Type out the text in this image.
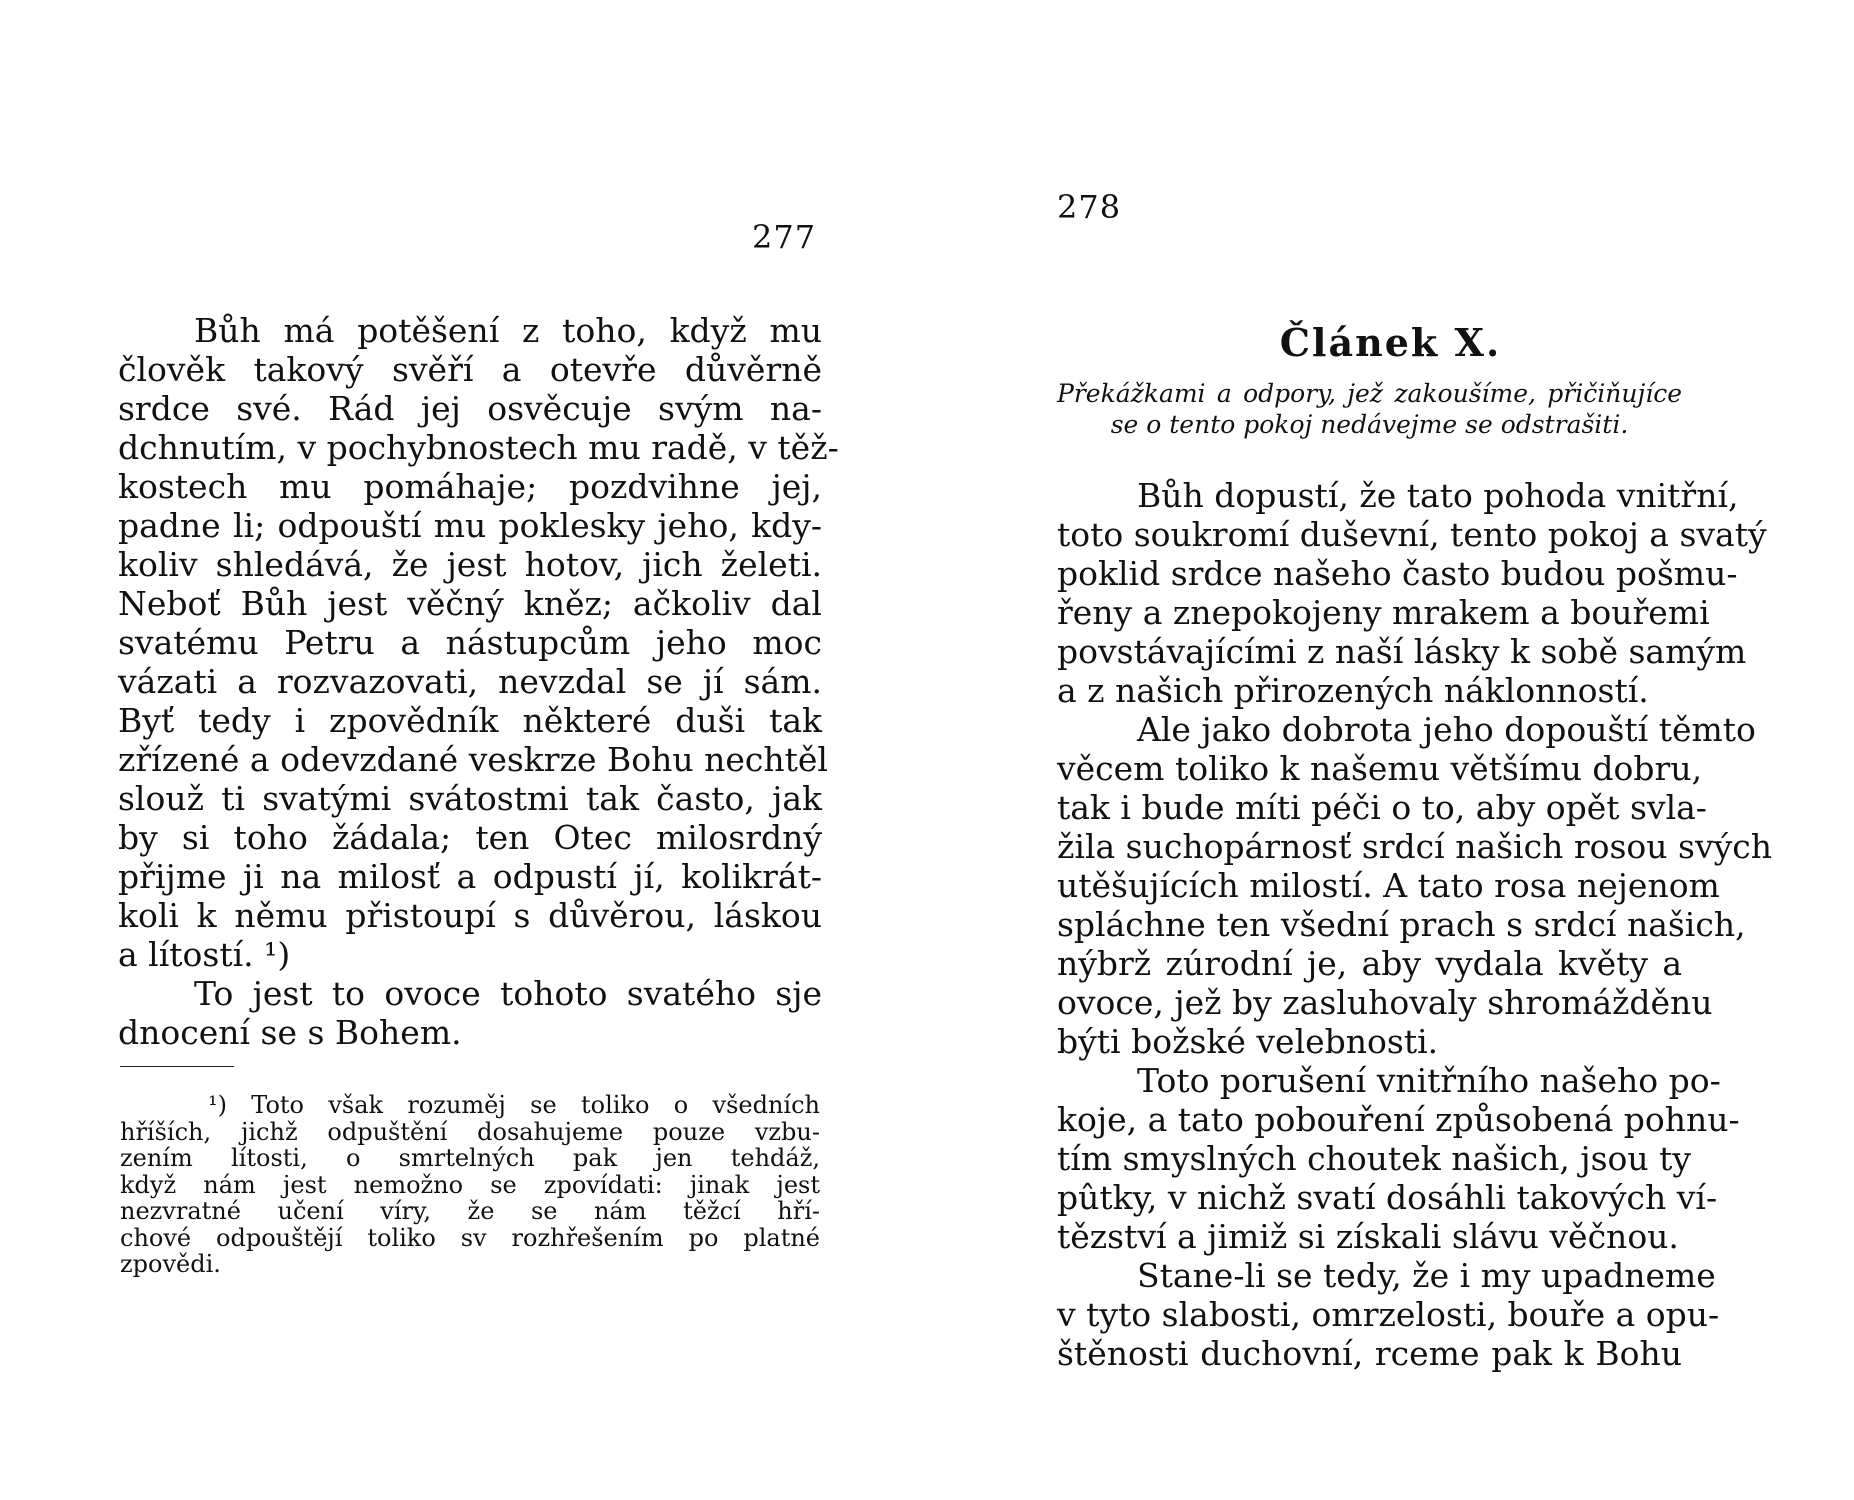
277
Bůh má potěšení z toho, když mu
člověk takový svěří a otevře důvěrně
srdce své. Rád jej osvěcuje svým na-
dchnutím, v pochybnostech mu radě, v těž-
kostech mu pomáhaje; pozdvihne jej,
padne li; odpouští mu poklesky jeho, kdy-
koliv shledává, že jest hotov, jich želeti.
Neboť Bůh jest věčný kněz; ačkoliv dal
svatému Petru a nástupcům jeho moc
vázati a rozvazovati, nevzdal se jí sám.
Byť tedy i zpovědník některé duši tak
zřízené a odevzdané veskrze Bohu nechtěl
slouž ti svatými svátostmi tak často, jak
by si toho žádala; ten Otec milosrdný
přijme ji na milosť a odpustí jí, kolikrát-
koli k němu přistoupí s důvěrou, láskou
a lítostí. ¹)
To jest to ovoce tohoto svatého sje
dnocení se s Bohem.
¹) Toto však rozuměj se toliko o všedních
hříších, jichž odpuštění dosahujeme pouze vzbu-
zením lítosti, o smrtelných pak jen tehdáž,
když nám jest nemožno se zpovídati: jinak jest
nezvratné učení víry, že se nám těžcí hří-
chové odpouštějí toliko sv rozhřešením po platné
zpovědi.
278
Článek X.
Překážkami a odpory, jež zakoušíme, přičiňujíce
se o tento pokoj nedávejme se odstrašiti.
Bůh dopustí, že tato pohoda vnitřní,
toto soukromí duševní, tento pokoj a svatý
poklid srdce našeho často budou pošmu-
řeny a znepokojeny mrakem a bouřemi
povstávajícími z naší lásky k sobě samým
a z našich přirozených náklonností.
Ale jako dobrota jeho dopouští těmto
věcem toliko k našemu většímu dobru,
tak i bude míti péči o to, aby opět svla-
žila suchopárnosť srdcí našich rosou svých
utěšujících milostí. A tato rosa nejenom
spláchne ten všední prach s srdcí našich,
nýbrž zúrodní je, aby vydala květy a
ovoce, jež by zasluhovaly shromážděnu
býti božské velebnosti.
Toto porušení vnitřního našeho po-
koje, a tato pobouření způsobená pohnu-
tím smyslných choutek našich, jsou ty
pûtky, v nichž svatí dosáhli takových ví-
tězství a jimiž si získali slávu věčnou.
Stane-li se tedy, že i my upadneme
v tyto slabosti, omrzelosti, bouře a opu-
štěnosti duchovní, rceme pak k Bohu
